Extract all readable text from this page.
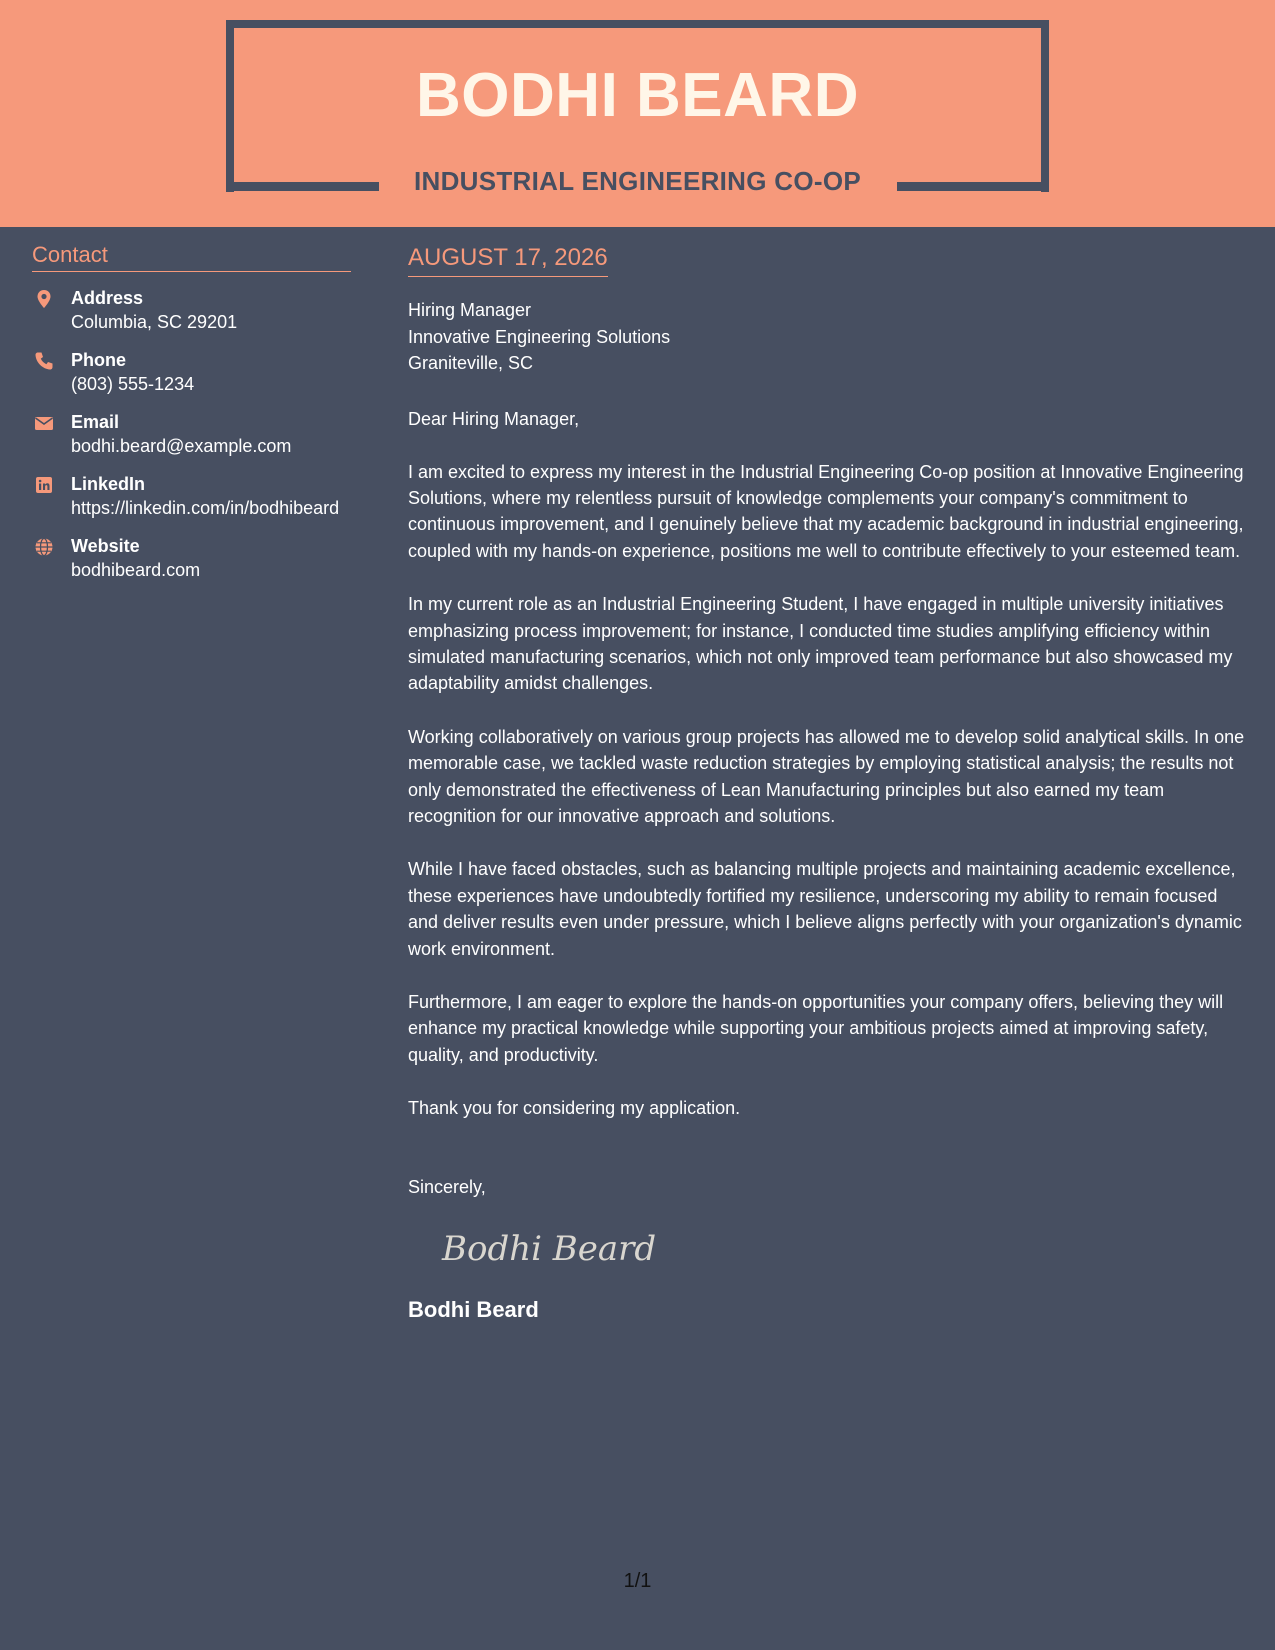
BODHI BEARD
INDUSTRIAL ENGINEERING CO-OP
Contact
Address
Columbia, SC 29201
Phone
(803) 555-1234
Email
bodhi.beard@example.com
LinkedIn
https://linkedin.com/in/bodhibeard
Website
bodhibeard.com
AUGUST 17, 2026
Hiring Manager
Innovative Engineering Solutions
Graniteville, SC
Dear Hiring Manager,

I am excited to express my interest in the Industrial Engineering Co-op position at Innovative Engineering Solutions, where my relentless pursuit of knowledge complements your company's commitment to continuous improvement, and I genuinely believe that my academic background in industrial engineering, coupled with my hands-on experience, positions me well to contribute effectively to your esteemed team.

In my current role as an Industrial Engineering Student, I have engaged in multiple university initiatives emphasizing process improvement; for instance, I conducted time studies amplifying efficiency within simulated manufacturing scenarios, which not only improved team performance but also showcased my adaptability amidst challenges.

Working collaboratively on various group projects has allowed me to develop solid analytical skills. In one memorable case, we tackled waste reduction strategies by employing statistical analysis; the results not only demonstrated the effectiveness of Lean Manufacturing principles but also earned my team recognition for our innovative approach and solutions.

While I have faced obstacles, such as balancing multiple projects and maintaining academic excellence, these experiences have undoubtedly fortified my resilience, underscoring my ability to remain focused and deliver results even under pressure, which I believe aligns perfectly with your organization's dynamic work environment.

Furthermore, I am eager to explore the hands-on opportunities your company offers, believing they will enhance my practical knowledge while supporting your ambitious projects aimed at improving safety, quality, and productivity.

Thank you for considering my application.

Sincerely,
Bodhi Beard
Bodhi Beard
1/1
